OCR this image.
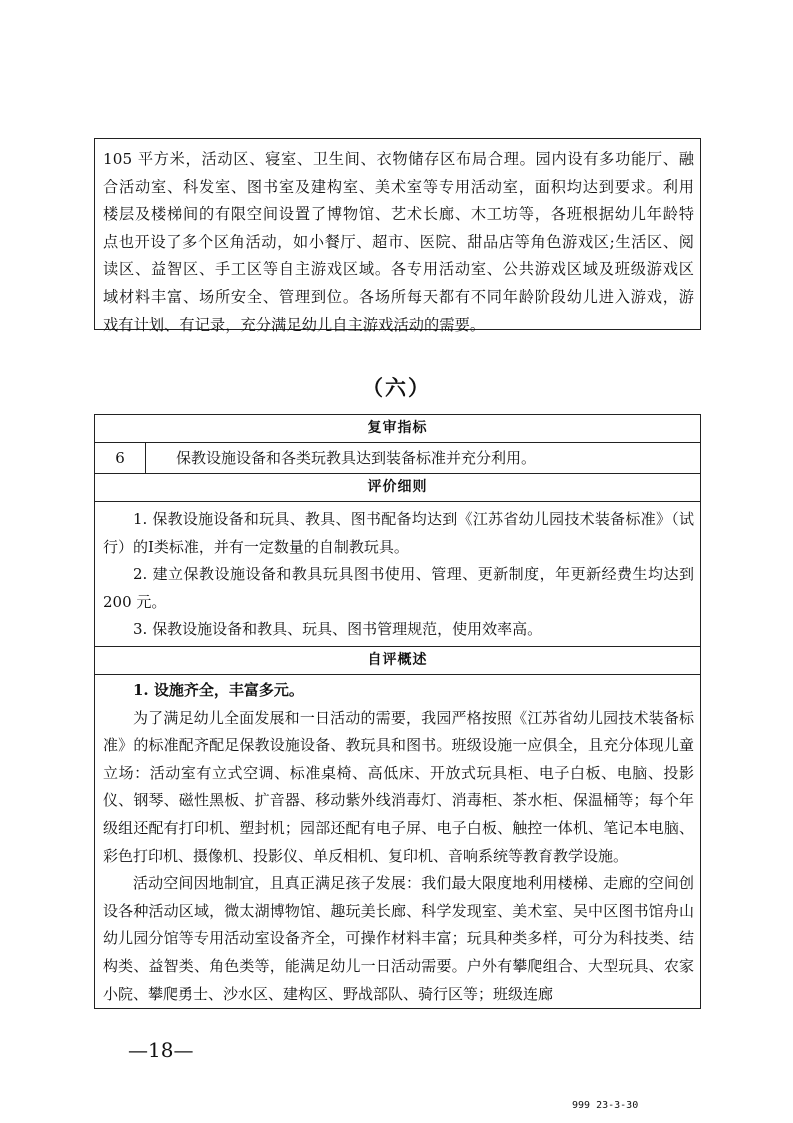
105 平方米，活动区、寝室、卫生间、衣物储存区布局合理。园内设有多功能厅、融

合活动室、科发室、图书室及建构室、美术室等专用活动室，面积均达到要求。利用

楼层及楼梯间的有限空间设置了博物馆、艺术长廊、木工坊等，各班根据幼儿年龄特

点也开设了多个区角活动，如小餐厅、超市、医院、甜品店等角色游戏区;生活区、阅

读区、益智区、手工区等自主游戏区域。各专用活动室、公共游戏区域及班级游戏区

域材料丰富、场所安全、管理到位。各场所每天都有不同年龄阶段幼儿进入游戏，游

戏有计划、有记录，充分满足幼儿自主游戏活动的需要。

（六）
复审指标
6	保教设施设备和各类玩教具达到装备标准并充分利用。
评价细则

1. 保教设施设备和玩具、教具、图书配备均达到《江苏省幼儿园技术装备标准》（试行）的Ⅰ类标准，并有一定数量的自制教玩具。

2. 建立保教设施设备和教具玩具图书使用、管理、更新制度，年更新经费生均达到 200 元。

3. 保教设施设备和教具、玩具、图书管理规范，使用效率高。

自评概述

1. 设施齐全，丰富多元。

为了满足幼儿全面发展和一日活动的需要，我园严格按照《江苏省幼儿园技术装备标准》的标准配齐配足保教设施设备、教玩具和图书。班级设施一应俱全，且充分体现儿童立场：活动室有立式空调、标准桌椅、高低床、开放式玩具柜、电子白板、电脑、投影仪、钢琴、磁性黑板、扩音器、移动紫外线消毒灯、消毒柜、茶水柜、保温桶等；每个年级组还配有打印机、塑封机；园部还配有电子屏、电子白板、触控一体机、笔记本电脑、彩色打印机、摄像机、投影仪、单反相机、复印机、音响系统等教育教学设施。

活动空间因地制宜，且真正满足孩子发展：我们最大限度地利用楼梯、走廊的空间创设各种活动区域，微太湖博物馆、趣玩美长廊、科学发现室、美术室、吴中区图书馆舟山幼儿园分馆等专用活动室设备齐全，可操作材料丰富；玩具种类多样，可分为科技类、结构类、益智类、角色类等，能满足幼儿一日活动需要。户外有攀爬组合、大型玩具、农家小院、攀爬勇士、沙水区、建构区、野战部队、骑行区等；班级连廊

—18—
999 23-3-30
